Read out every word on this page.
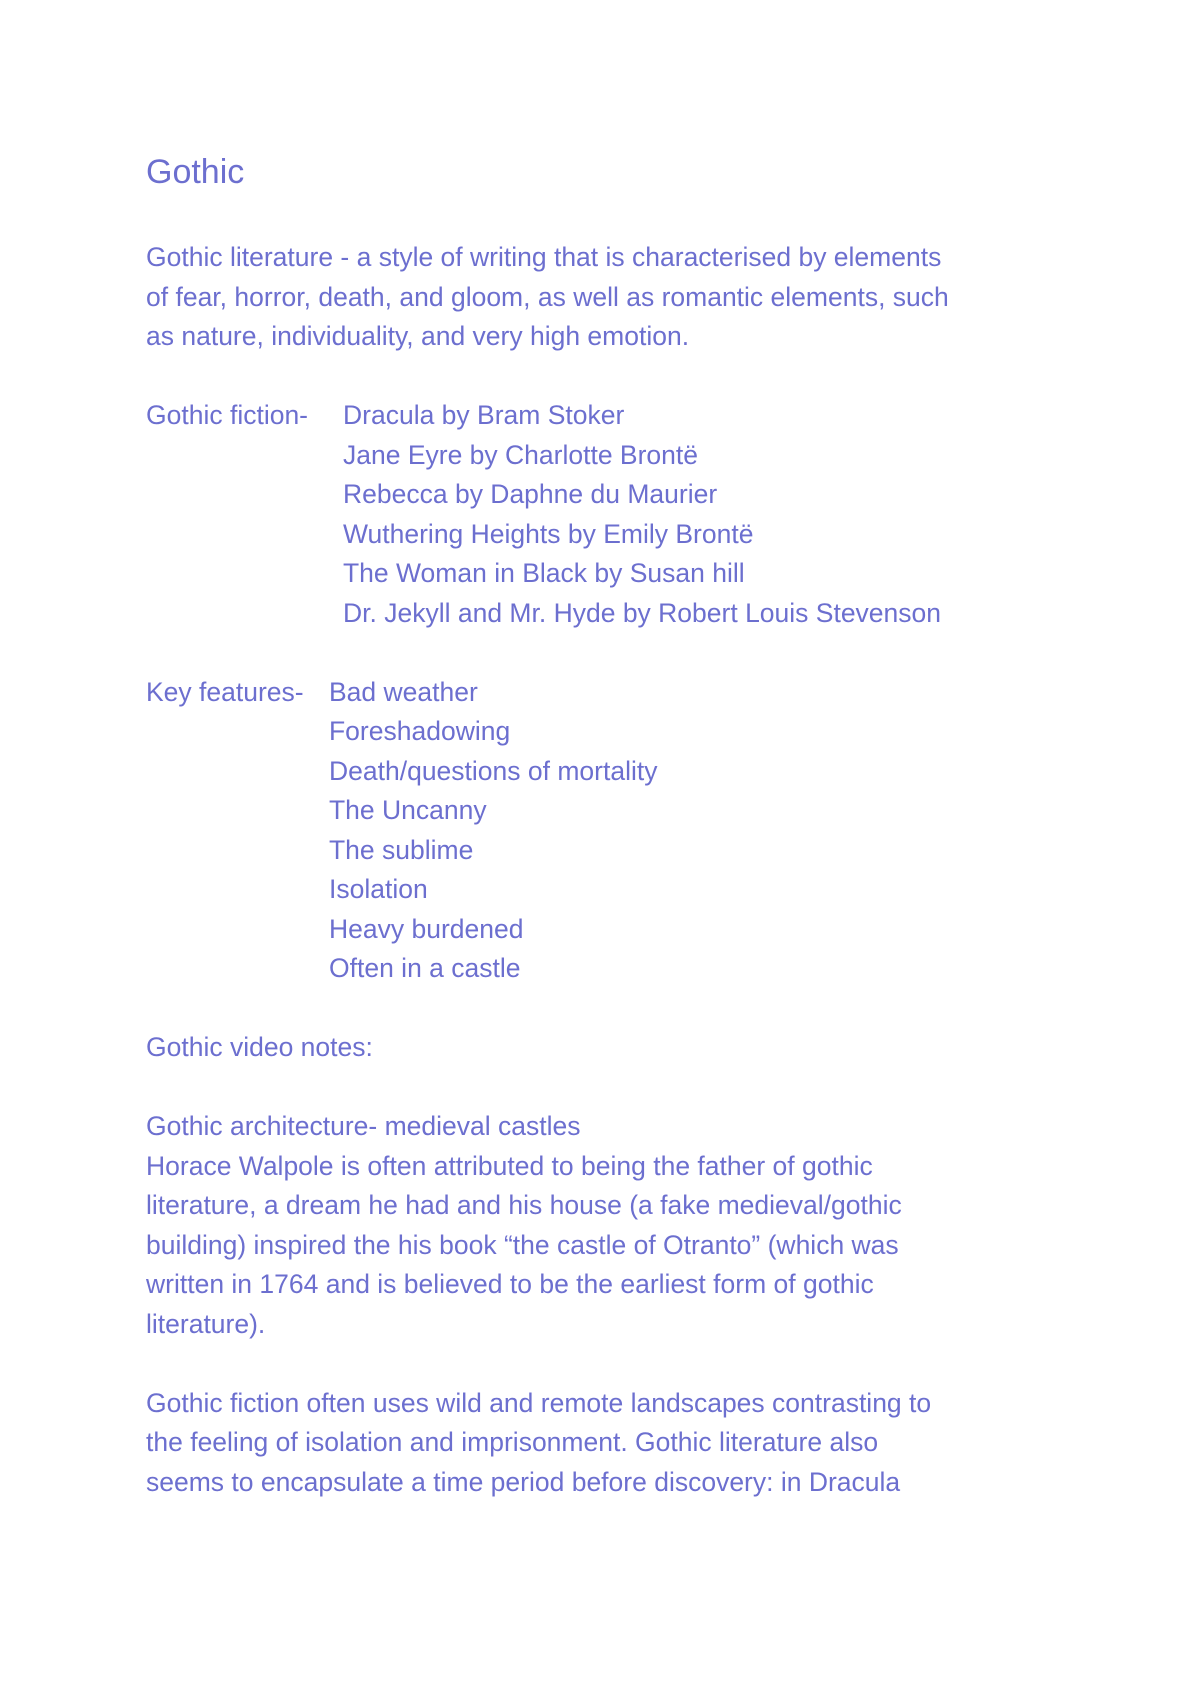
Gothic
Gothic literature - a style of writing that is characterised by elements
of fear, horror, death, and gloom, as well as romantic elements, such
as nature, individuality, and very high emotion.
Gothic fiction-	Dracula by Bram Stoker
Jane Eyre by Charlotte Brontë
Rebecca by Daphne du Maurier
Wuthering Heights by Emily Brontë
The Woman in Black by Susan hill
Dr. Jekyll and Mr. Hyde by Robert Louis Stevenson
Key features- Bad weather
Foreshadowing
Death/questions of mortality
The Uncanny
The sublime
Isolation
Heavy burdened
Often in a castle
Gothic video notes:
Gothic architecture- medieval castles
Horace Walpole is often attributed to being the father of gothic
literature, a dream he had and his house (a fake medieval/gothic
building) inspired the his book “the castle of Otranto” (which was
written in 1764 and is believed to be the earliest form of gothic
literature).
Gothic fiction often uses wild and remote landscapes contrasting to
the feeling of isolation and imprisonment. Gothic literature also
seems to encapsulate a time period before discovery: in Dracula
